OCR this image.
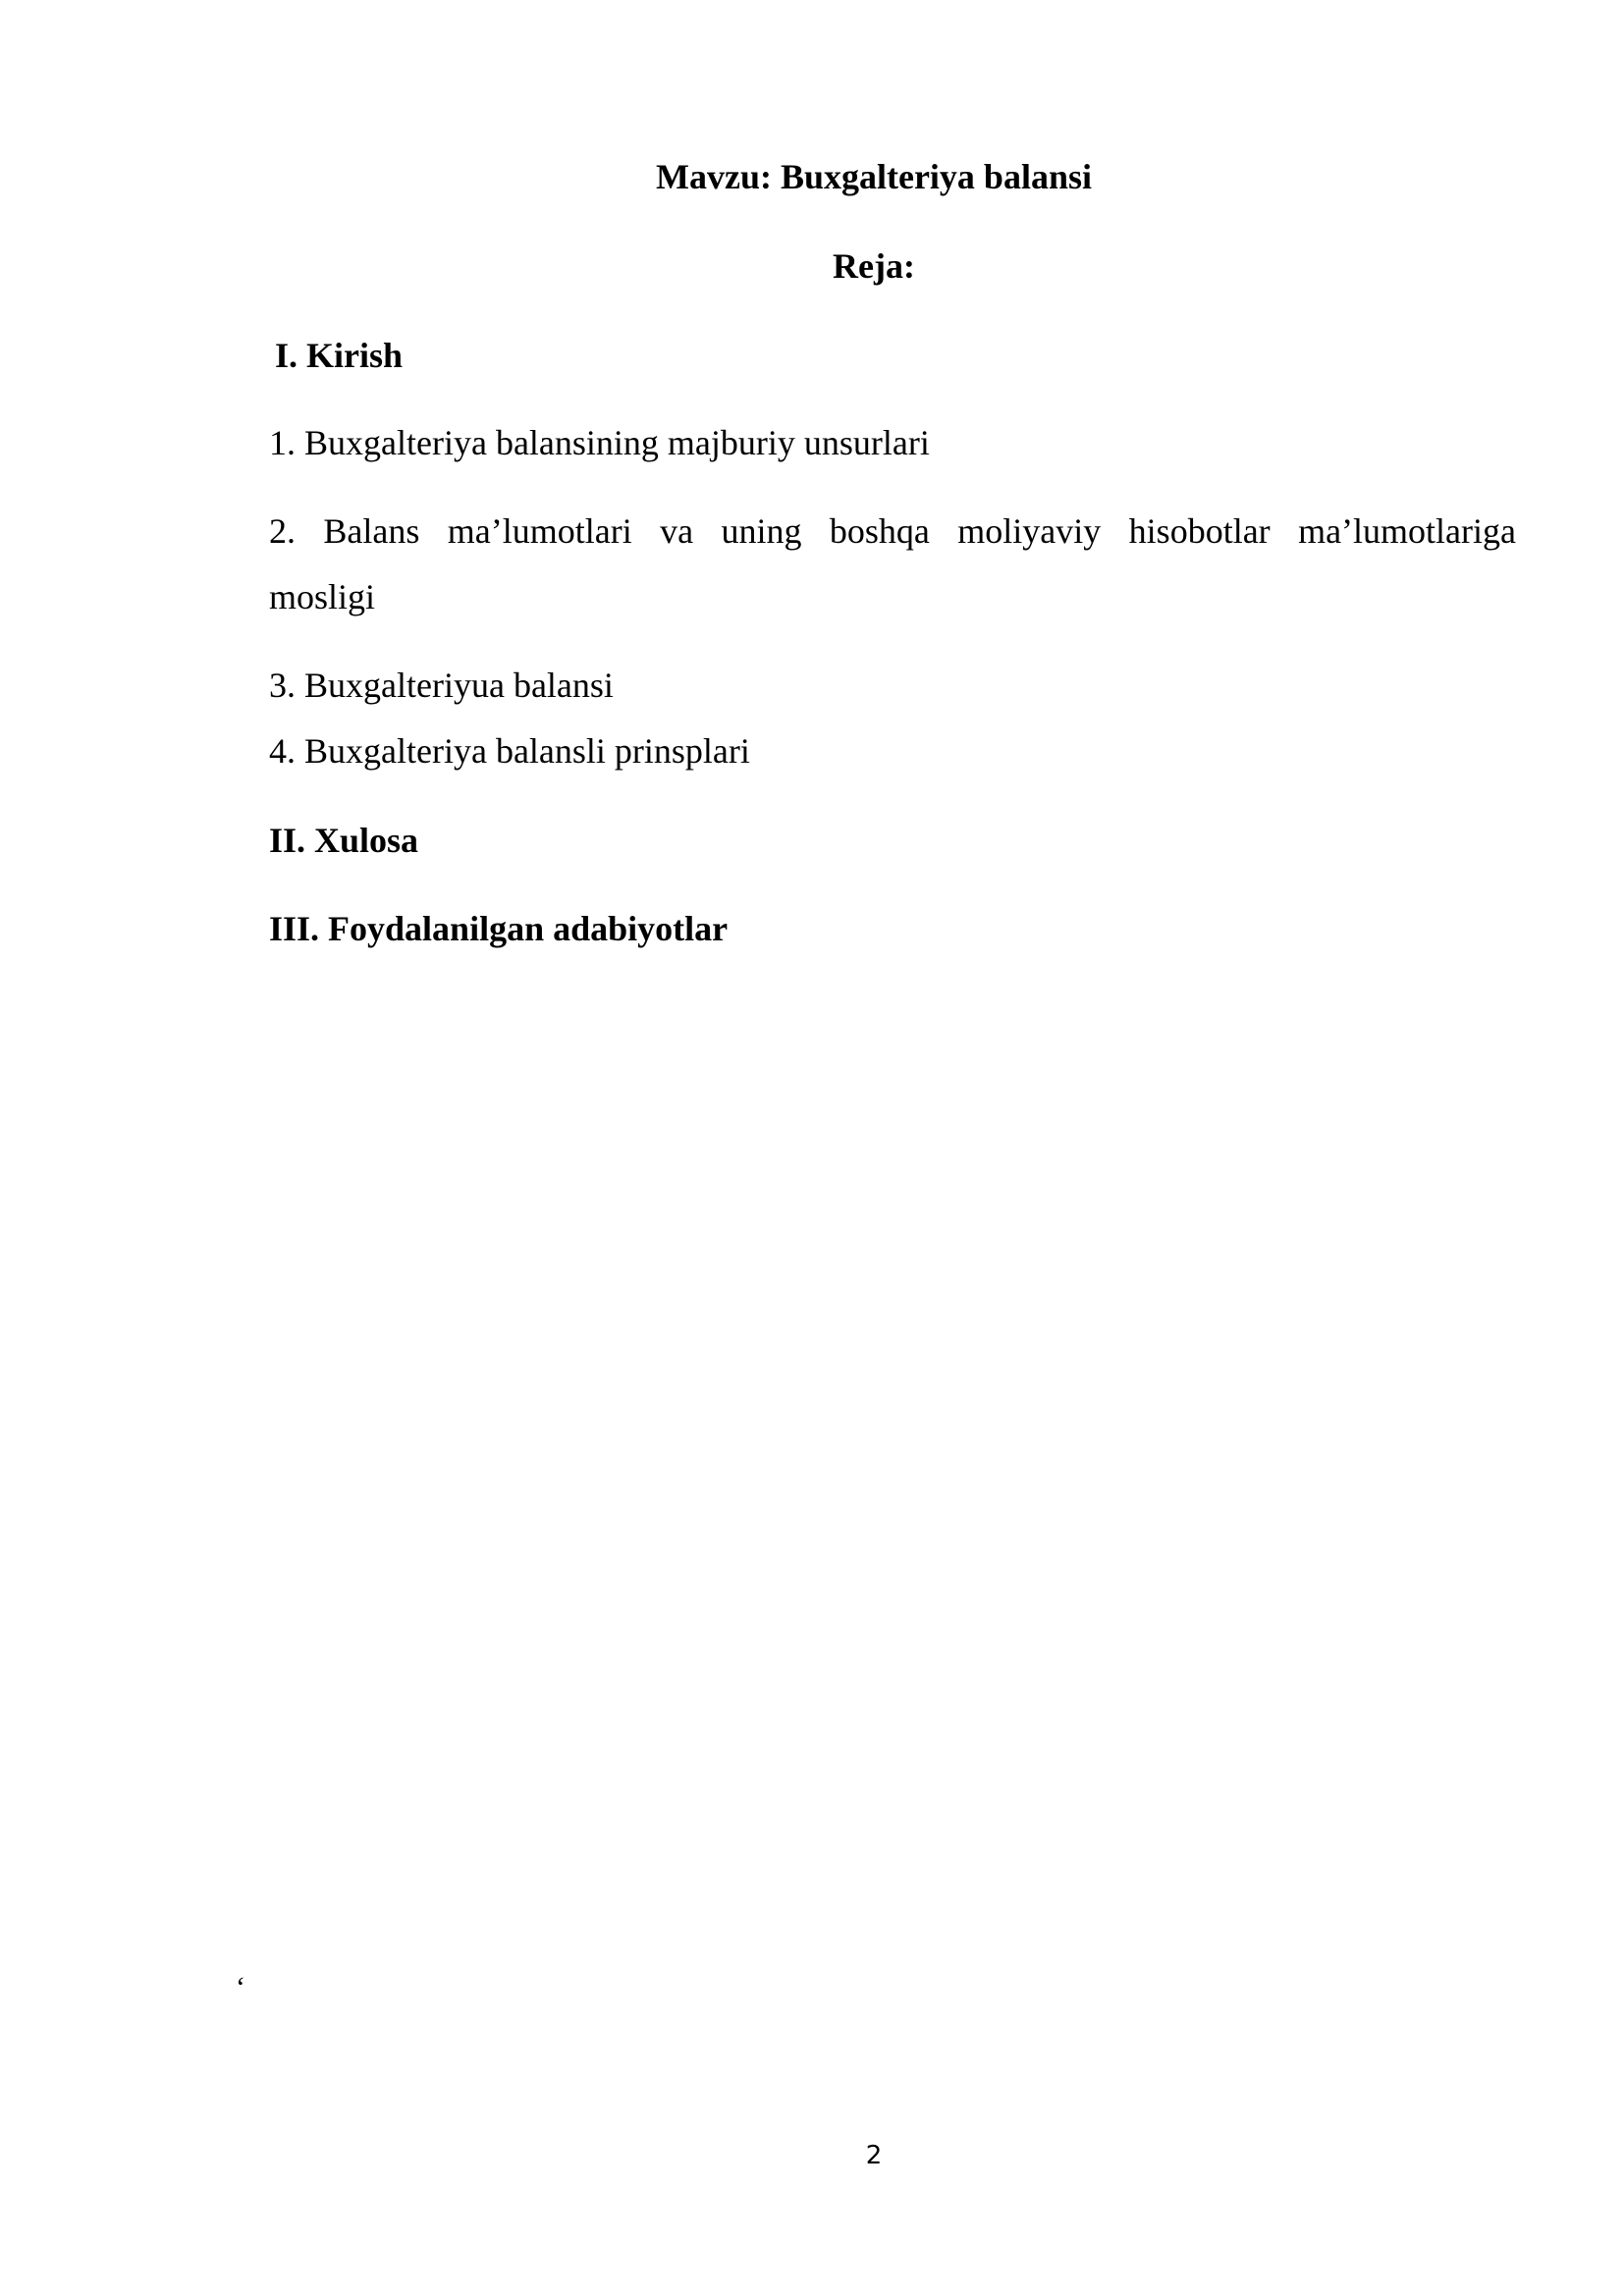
Mavzu: Buxgalteriya balansi

Reja:

I. Kirish

1. Buxgalteriya balansining majburiy unsurlari

2. Balans ma’lumotlari va uning boshqa moliyaviy hisobotlar ma’lumotlariga

mosligi

3. Buxgalteriyua balansi

4. Buxgalteriya balansli prinsplari

II. Xulosa

III. Foydalanilgan adabiyotlar

‘

2
